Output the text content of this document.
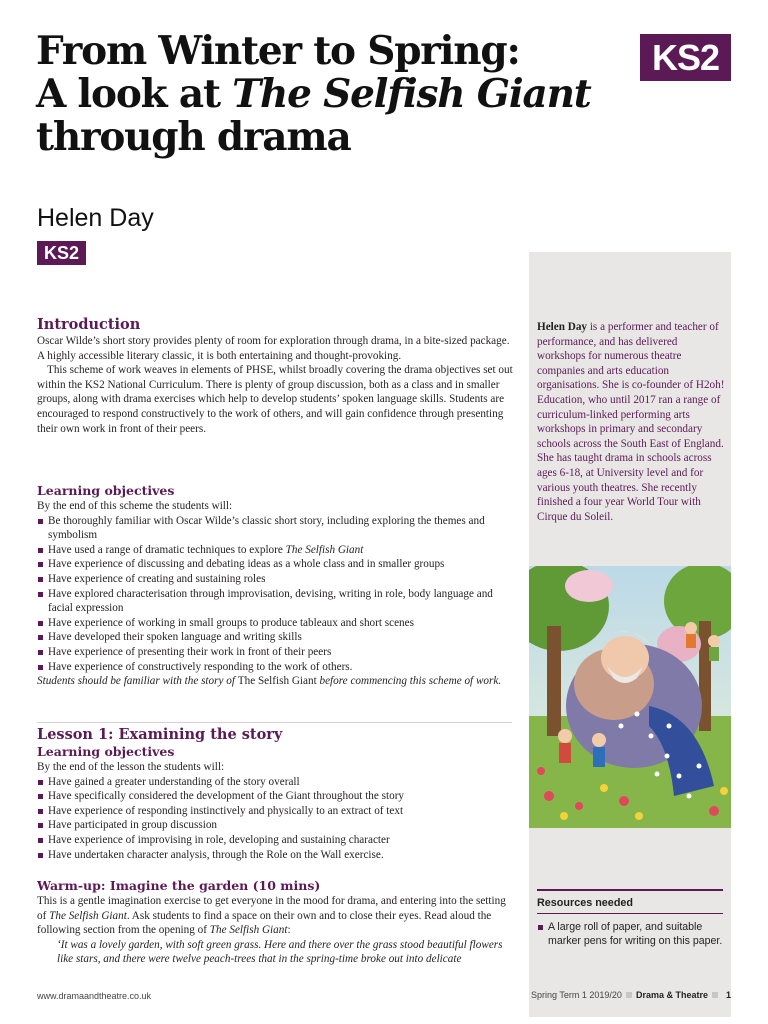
From Winter to Spring:
A look at The Selfish Giant
through drama
KS2
Helen Day
KS2
Introduction

Oscar Wilde’s short story provides plenty of room for exploration through drama, in a bite-sized package. A highly accessible literary classic, it is both entertaining and thought-provoking.

This scheme of work weaves in elements of PHSE, whilst broadly covering the drama objectives set out within the KS2 National Curriculum. There is plenty of group discussion, both as a class and in smaller groups, along with drama exercises which help to develop students’ spoken language skills. Students are encouraged to respond constructively to the work of others, and will gain confidence through presenting their own work in front of their peers.

Learning objectives

By the end of this scheme the students will:

Be thoroughly familiar with Oscar Wilde’s classic short story, including exploring the themes and symbolism
Have used a range of dramatic techniques to explore The Selfish Giant
Have experience of discussing and debating ideas as a whole class and in smaller groups
Have experience of creating and sustaining roles
Have explored characterisation through improvisation, devising, writing in role, body language and facial expression
Have experience of working in small groups to produce tableaux and short scenes
Have developed their spoken language and writing skills
Have experience of presenting their work in front of their peers
Have experience of constructively responding to the work of others.

Students should be familiar with the story of The Selfish Giant before commencing this scheme of work.

Lesson 1: Examining the story
Learning objectives

By the end of the lesson the students will:

Have gained a greater understanding of the story overall
Have specifically considered the development of the Giant throughout the story
Have experience of responding instinctively and physically to an extract of text
Have participated in group discussion
Have experience of improvising in role, developing and sustaining character
Have undertaken character analysis, through the Role on the Wall exercise.
Warm-up: Imagine the garden (10 mins)

This is a gentle imagination exercise to get everyone in the mood for drama, and entering into the setting of The Selfish Giant. Ask students to find a space on their own and to close their eyes. Read aloud the following section from the opening of The Selfish Giant:

‘It was a lovely garden, with soft green grass. Here and there over the grass stood beautiful flowers like stars, and there were twelve peach-trees that in the spring-time broke out into delicate

Helen Day is a performer and teacher of performance, and has delivered workshops for numerous theatre companies and arts education organisations. She is co-founder of H2oh! Education, who until 2017 ran a range of curriculum-linked performing arts workshops in primary and secondary schools across the South East of England. She has taught drama in schools across ages 6-18, at University level and for various youth theatres. She recently finished a four year World Tour with Cirque du Soleil.
Resources needed
A large roll of paper, and suitable marker pens for writing on this paper.
www.dramaandtheatre.co.uk	Spring Term 1 2019/20 Drama & Theatre 1
